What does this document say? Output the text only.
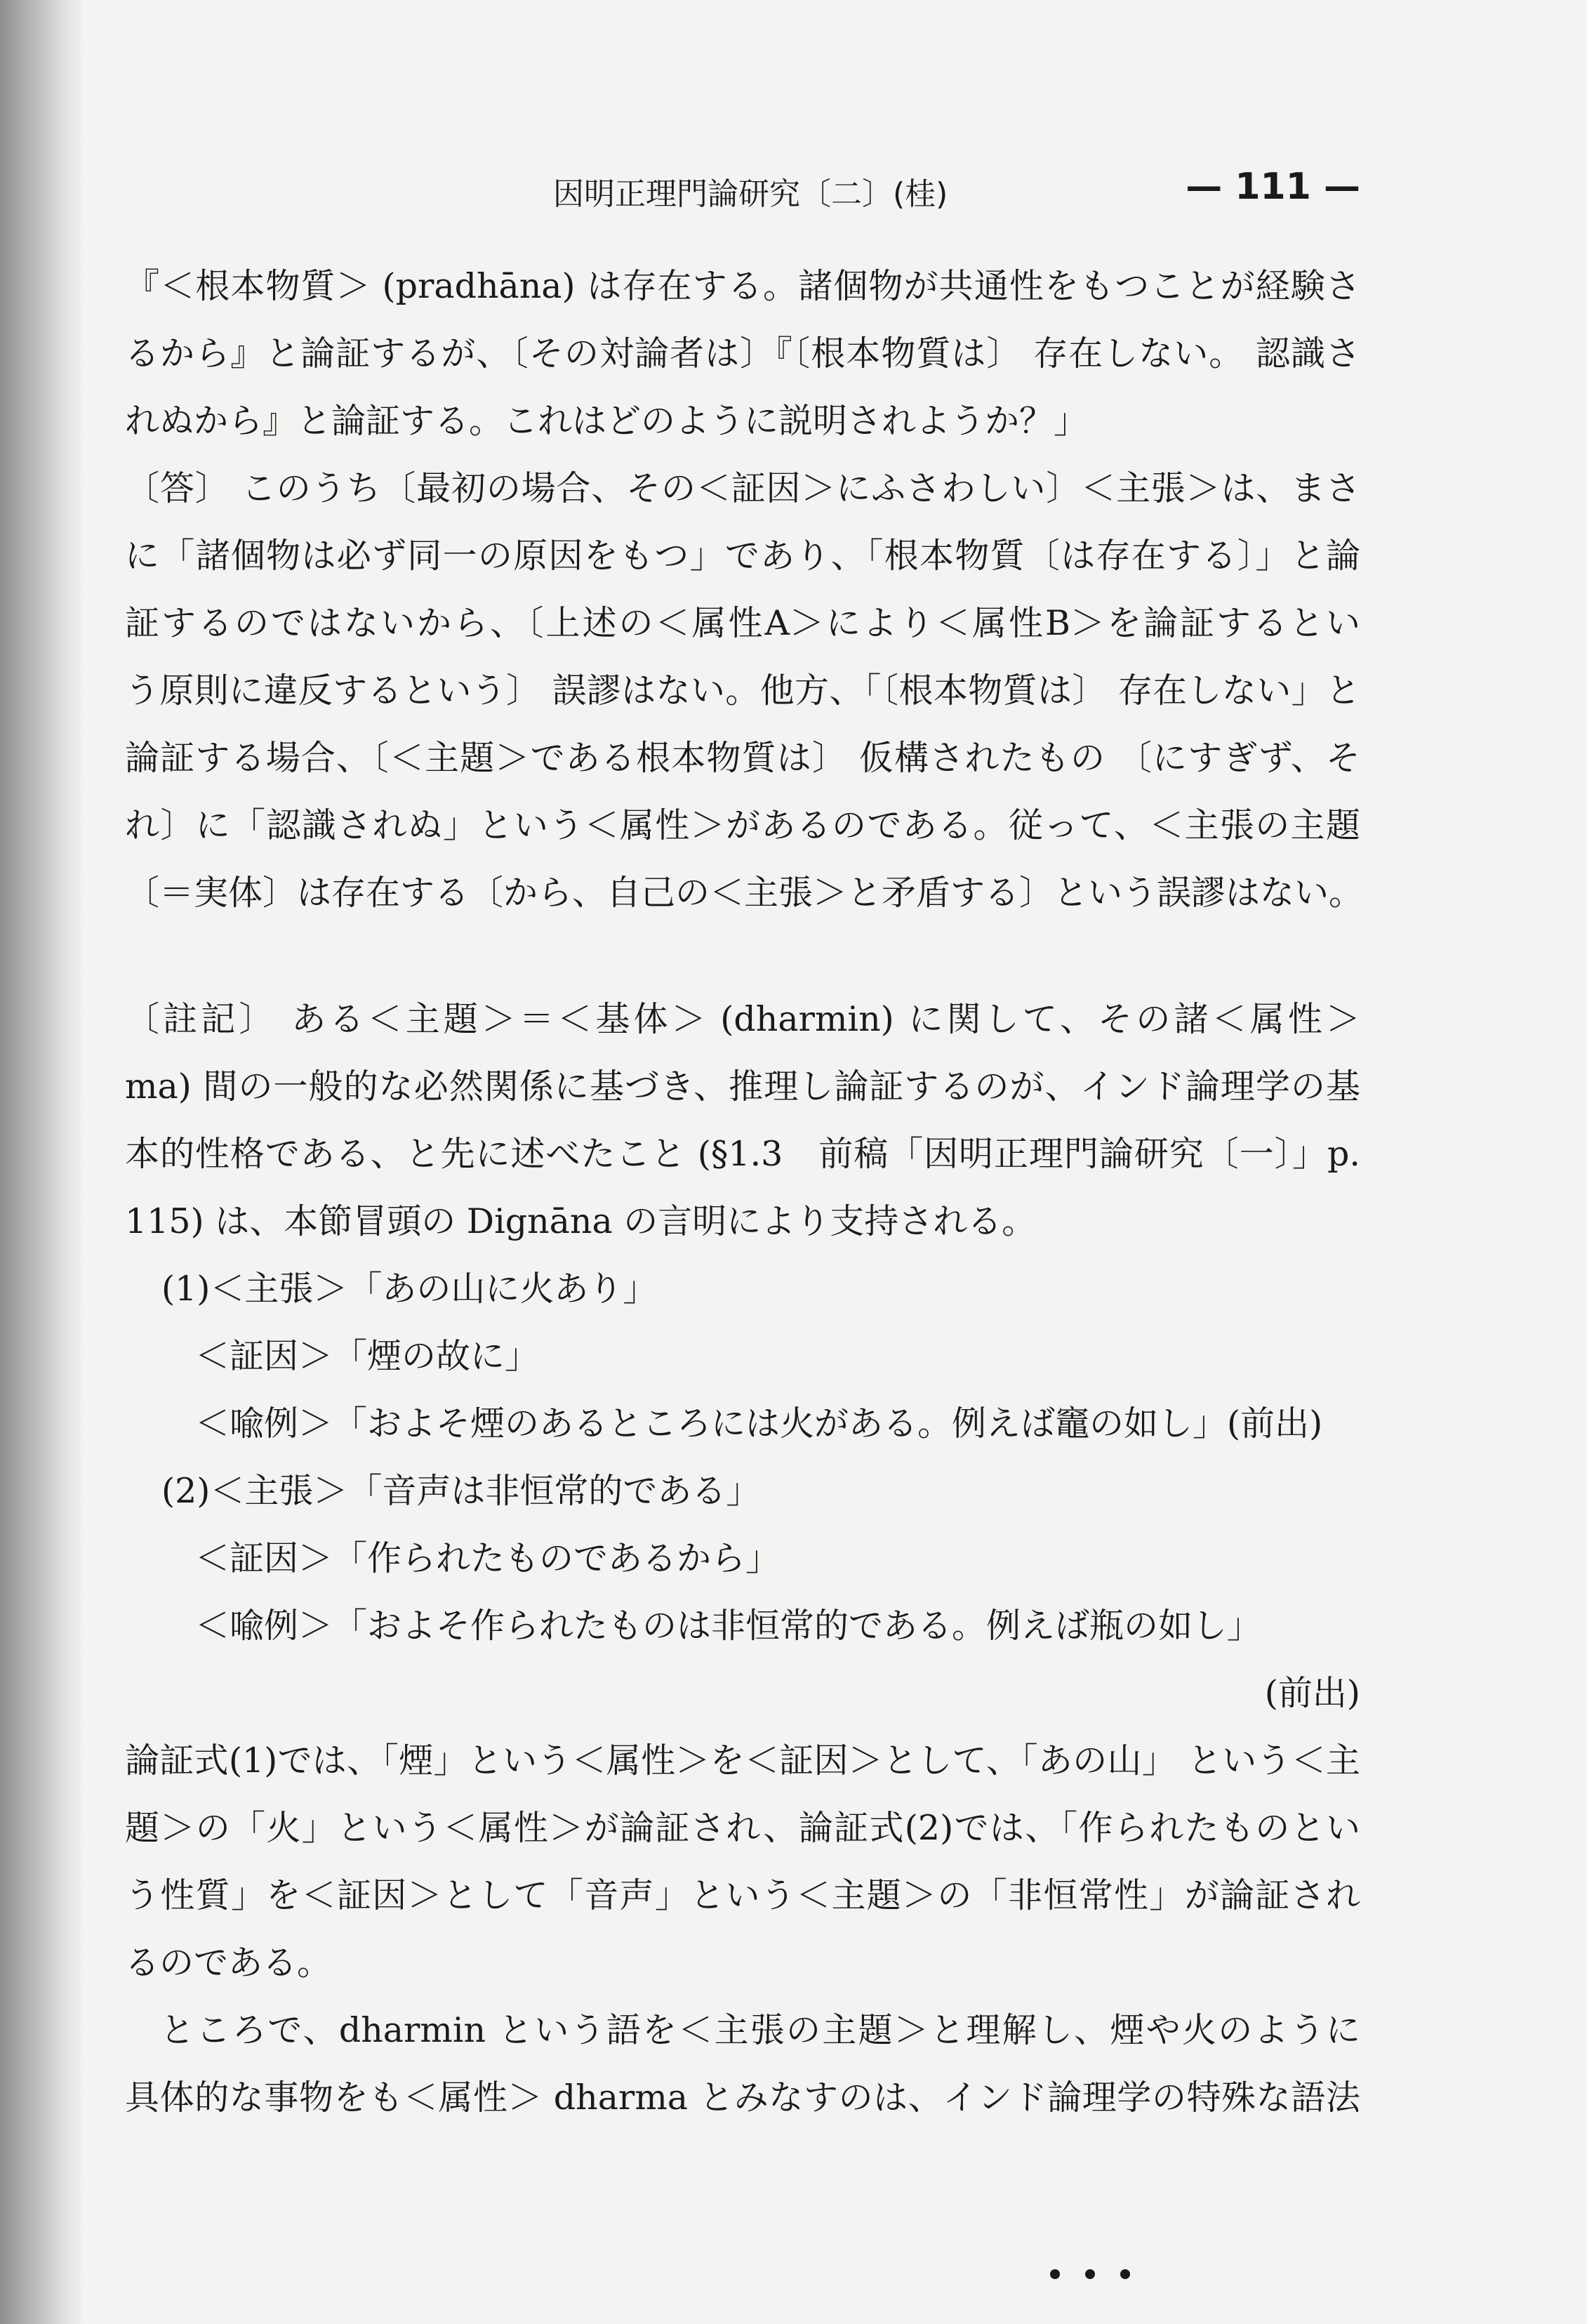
因明正理門論研究〔二〕(桂)	— 111 —
『＜根本物質＞ (pradhāna) は存在する。諸個物が共通性をもつことが経験さ
るから』と論証するが、〔その対論者は〕『〔根本物質は〕 存在しない。 認識さ
れぬから』と論証する。これはどのように説明されようか？」
〔答〕 このうち〔最初の場合、その＜証因＞にふさわしい〕＜主張＞は、まさ
に「諸個物は必ず同一の原因をもつ」であり、「根本物質〔は存在する〕」と論
証するのではないから、〔上述の＜属性A＞により＜属性B＞を論証するとい
う原則に違反するという〕 誤謬はない。他方、「〔根本物質は〕 存在しない」と
論証する場合、〔＜主題＞である根本物質は〕 仮構されたもの 〔にすぎず、そ
れ〕に「認識されぬ」という＜属性＞があるのである。従って、＜主張の主題
〔＝実体〕は存在する〔から、自己の＜主張＞と矛盾する〕という誤謬はない。
〔註記〕 ある＜主題＞＝＜基体＞ (dharmin) に関して、その諸＜属性＞
ma) 間の一般的な必然関係に基づき、推理し論証するのが、インド論理学の基
本的性格である、と先に述べたこと (§1.3　前稿「因明正理門論研究〔一〕」p.
115) は、本節冒頭の Dignāna の言明により支持される。
(1)＜主張＞「あの山に火あり」
＜証因＞「煙の故に」
＜喩例＞「およそ煙のあるところには火がある。例えば竈の如し」(前出)
(2)＜主張＞「音声は非恒常的である」
＜証因＞「作られたものであるから」
＜喩例＞「およそ作られたものは非恒常的である。例えば瓶の如し」
(前出)
論証式(1)では、「煙」という＜属性＞を＜証因＞として、「あの山」 という＜主
題＞の「火」という＜属性＞が論証され、論証式(2)では、「作られたものとい
う性質」を＜証因＞として「音声」という＜主題＞の「非恒常性」が論証され
るのである。
ところで、dharmin という語を＜主張の主題＞と理解し、煙や火のように
具体的な事物をも＜属性＞ dharma とみなすのは、インド論理学の特殊な語法
